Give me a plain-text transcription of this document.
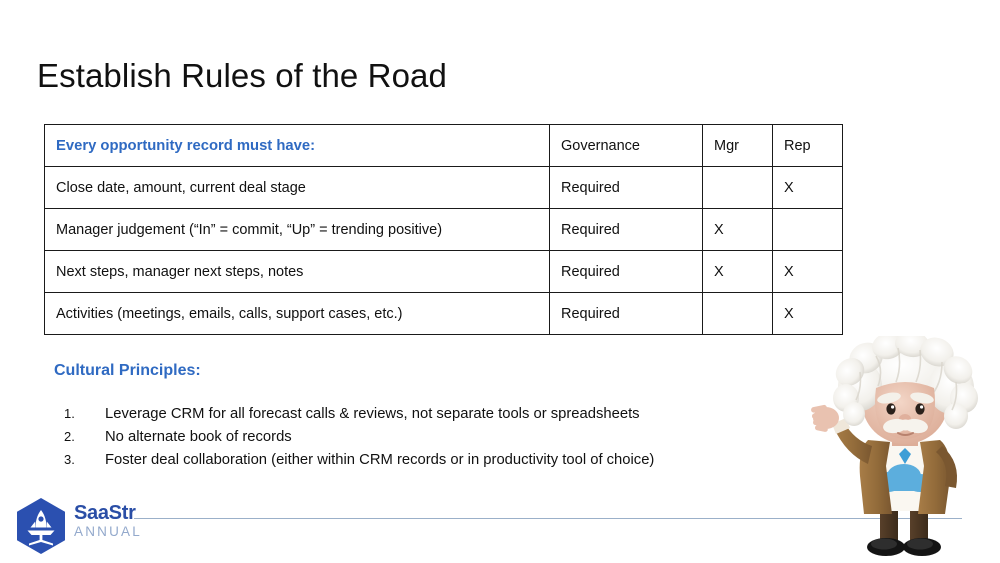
Establish Rules of the Road
Every opportunity record must have:	Governance	Mgr	Rep
Close date, amount, current deal stage	Required		X
Manager judgement (“In” = commit, “Up” = trending positive)	Required	X	
Next steps, manager next steps, notes	Required	X	X
Activities (meetings, emails, calls, support cases, etc.)	Required		X
Cultural Principles:
1.	Leverage CRM for all forecast calls & reviews, not separate tools or spreadsheets
2.	No alternate book of records
3.	Foster deal collaboration (either within CRM records or in productivity tool of choice)
SaaStr
ANNUAL
